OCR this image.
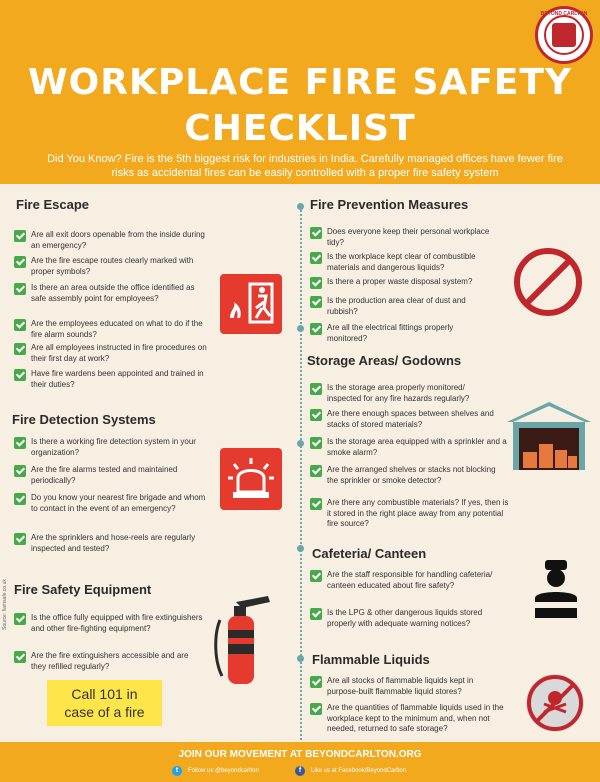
BEYOND CARLTON
WORKPLACE FIRE SAFETY
CHECKLIST
Did You Know? Fire is the 5th biggest risk for industries in India. Carefully managed offices have fewer fire risks as accidental fires can be easily controlled with a proper fire safety system
Fire Escape
Are all exit doors openable from the inside during an emergency?
Are the fire escape routes clearly marked with proper symbols?
Is there an area outside the office identified as safe assembly point for employees?
Are the employees educated on what to do if the fire alarm sounds?
Are all employees instructed in fire procedures on their first day at work?
Have fire wardens been appointed and trained in their duties?
Fire Detection Systems
Is there a working fire detection system in your organization?
Are the fire alarms tested and maintained periodically?
Do you know your nearest fire brigade and whom to contact in the event of an emergency?
Are the sprinklers and hose-reels are regularly inspected and tested?
Fire Safety Equipment
Is the office fully equipped with fire extinguishers and other fire-fighting equipment?
Are the fire extinguishers accessible and are they refilled regularly?
Source: fiamsafe.co.uk
Call 101 in
case of a fire
Fire Prevention Measures
Does everyone keep their personal workplace tidy?
Is the workplace kept clear of combustible materials and dangerous liquids?
Is there a proper waste disposal system?
Is the production area clear of dust and rubbish?
Are all the electrical fittings properly monitored?
Storage Areas/ Godowns
Is the storage area properly monitored/ inspected for any fire hazards regularly?
Are there enough spaces between shelves and stacks of stored materials?
Is the storage area equipped with a sprinkler and a smoke alarm?
Are the arranged shelves or stacks not blocking the sprinkler or smoke detector?
Are there any combustible materials? If yes, then is it stored in the right place away from any potential fire source?
Cafeteria/ Canteen
Are the staff responsible for handling cafeteria/ canteen educated about fire safety?
Is the LPG & other dangerous liquids stored properly with adequate warning notices?
Flammable Liquids
Are all stocks of flammable liquids kept in purpose-built flammable liquid stores?
Are the quantities of flammable liquids used in the workplace kept to the minimum and, when not needed, returned to safe storage?
JOIN OUR MOVEMENT AT BEYONDCARLTON.ORG
t	Follow us @beyondcarlton	f	Like us at Facebook/BeyondCarlton
